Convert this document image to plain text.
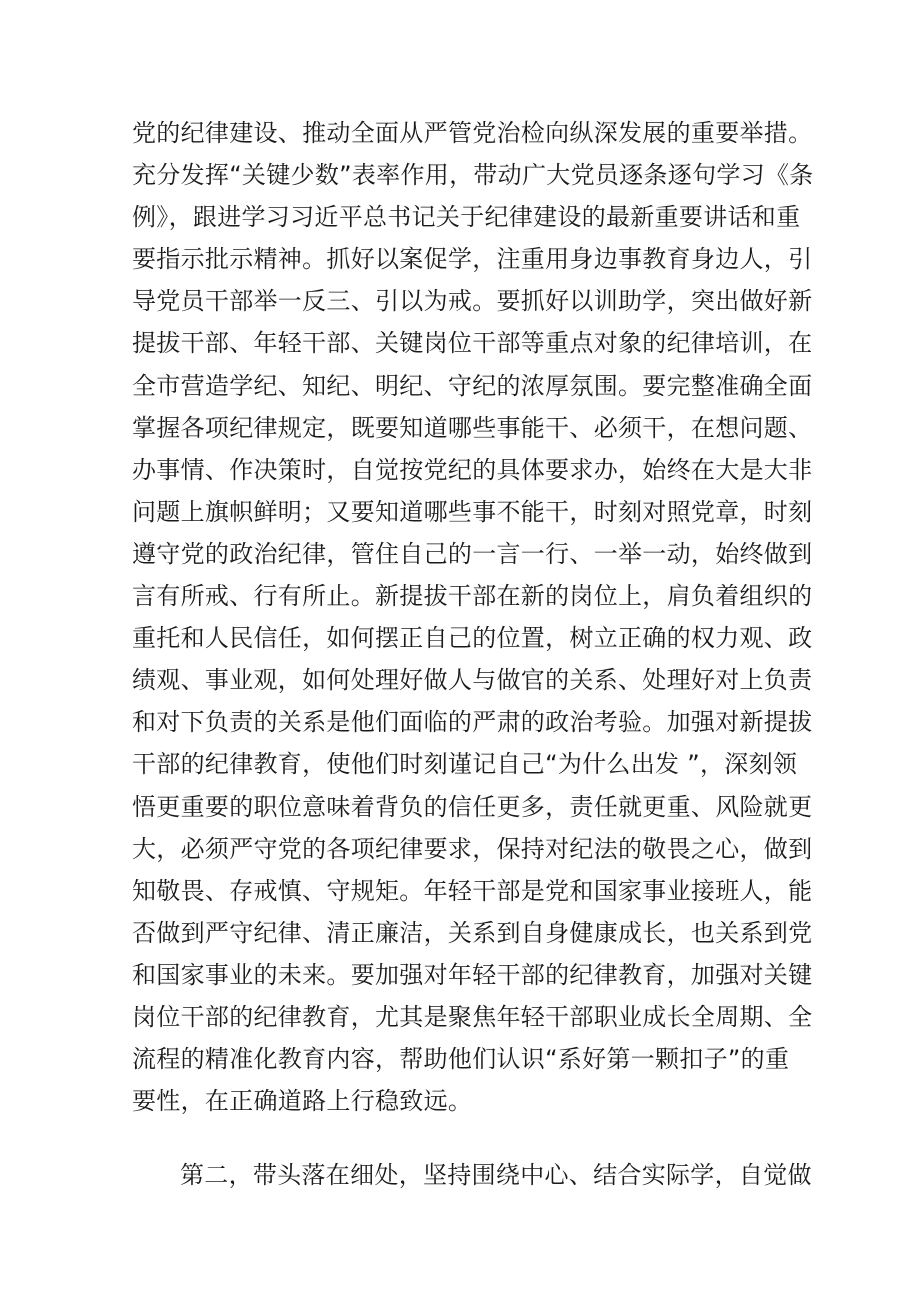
党的纪律建设、推动全面从严管党治检向纵深发展的重要举措。
充分发挥“关键少数”表率作用，带动广大党员逐条逐句学习《条
例》，跟进学习习近平总书记关于纪律建设的最新重要讲话和重
要指示批示精神。抓好以案促学，注重用身边事教育身边人，引
导党员干部举一反三、引以为戒。要抓好以训助学，突出做好新
提拔干部、年轻干部、关键岗位干部等重点对象的纪律培训，在
全市营造学纪、知纪、明纪、守纪的浓厚氛围。要完整准确全面
掌握各项纪律规定，既要知道哪些事能干、必须干，在想问题、
办事情、作决策时，自觉按党纪的具体要求办，始终在大是大非
问题上旗帜鲜明；又要知道哪些事不能干，时刻对照党章，时刻
遵守党的政治纪律，管住自己的一言一行、一举一动，始终做到
言有所戒、行有所止。新提拔干部在新的岗位上，肩负着组织的
重托和人民信任，如何摆正自己的位置，树立正确的权力观、政
绩观、事业观，如何处理好做人与做官的关系、处理好对上负责
和对下负责的关系是他们面临的严肃的政治考验。加强对新提拔
干部的纪律教育，使他们时刻谨记自己“为什么出发 ”，深刻领
悟更重要的职位意味着背负的信任更多，责任就更重、风险就更
大，必须严守党的各项纪律要求，保持对纪法的敬畏之心，做到
知敬畏、存戒慎、守规矩。年轻干部是党和国家事业接班人，能
否做到严守纪律、清正廉洁，关系到自身健康成长，也关系到党
和国家事业的未来。要加强对年轻干部的纪律教育，加强对关键
岗位干部的纪律教育，尤其是聚焦年轻干部职业成长全周期、全
流程的精准化教育内容，帮助他们认识“系好第一颗扣子”的重
要性，在正确道路上行稳致远。

第二，带头落在细处，坚持围绕中心、结合实际学，自觉做
